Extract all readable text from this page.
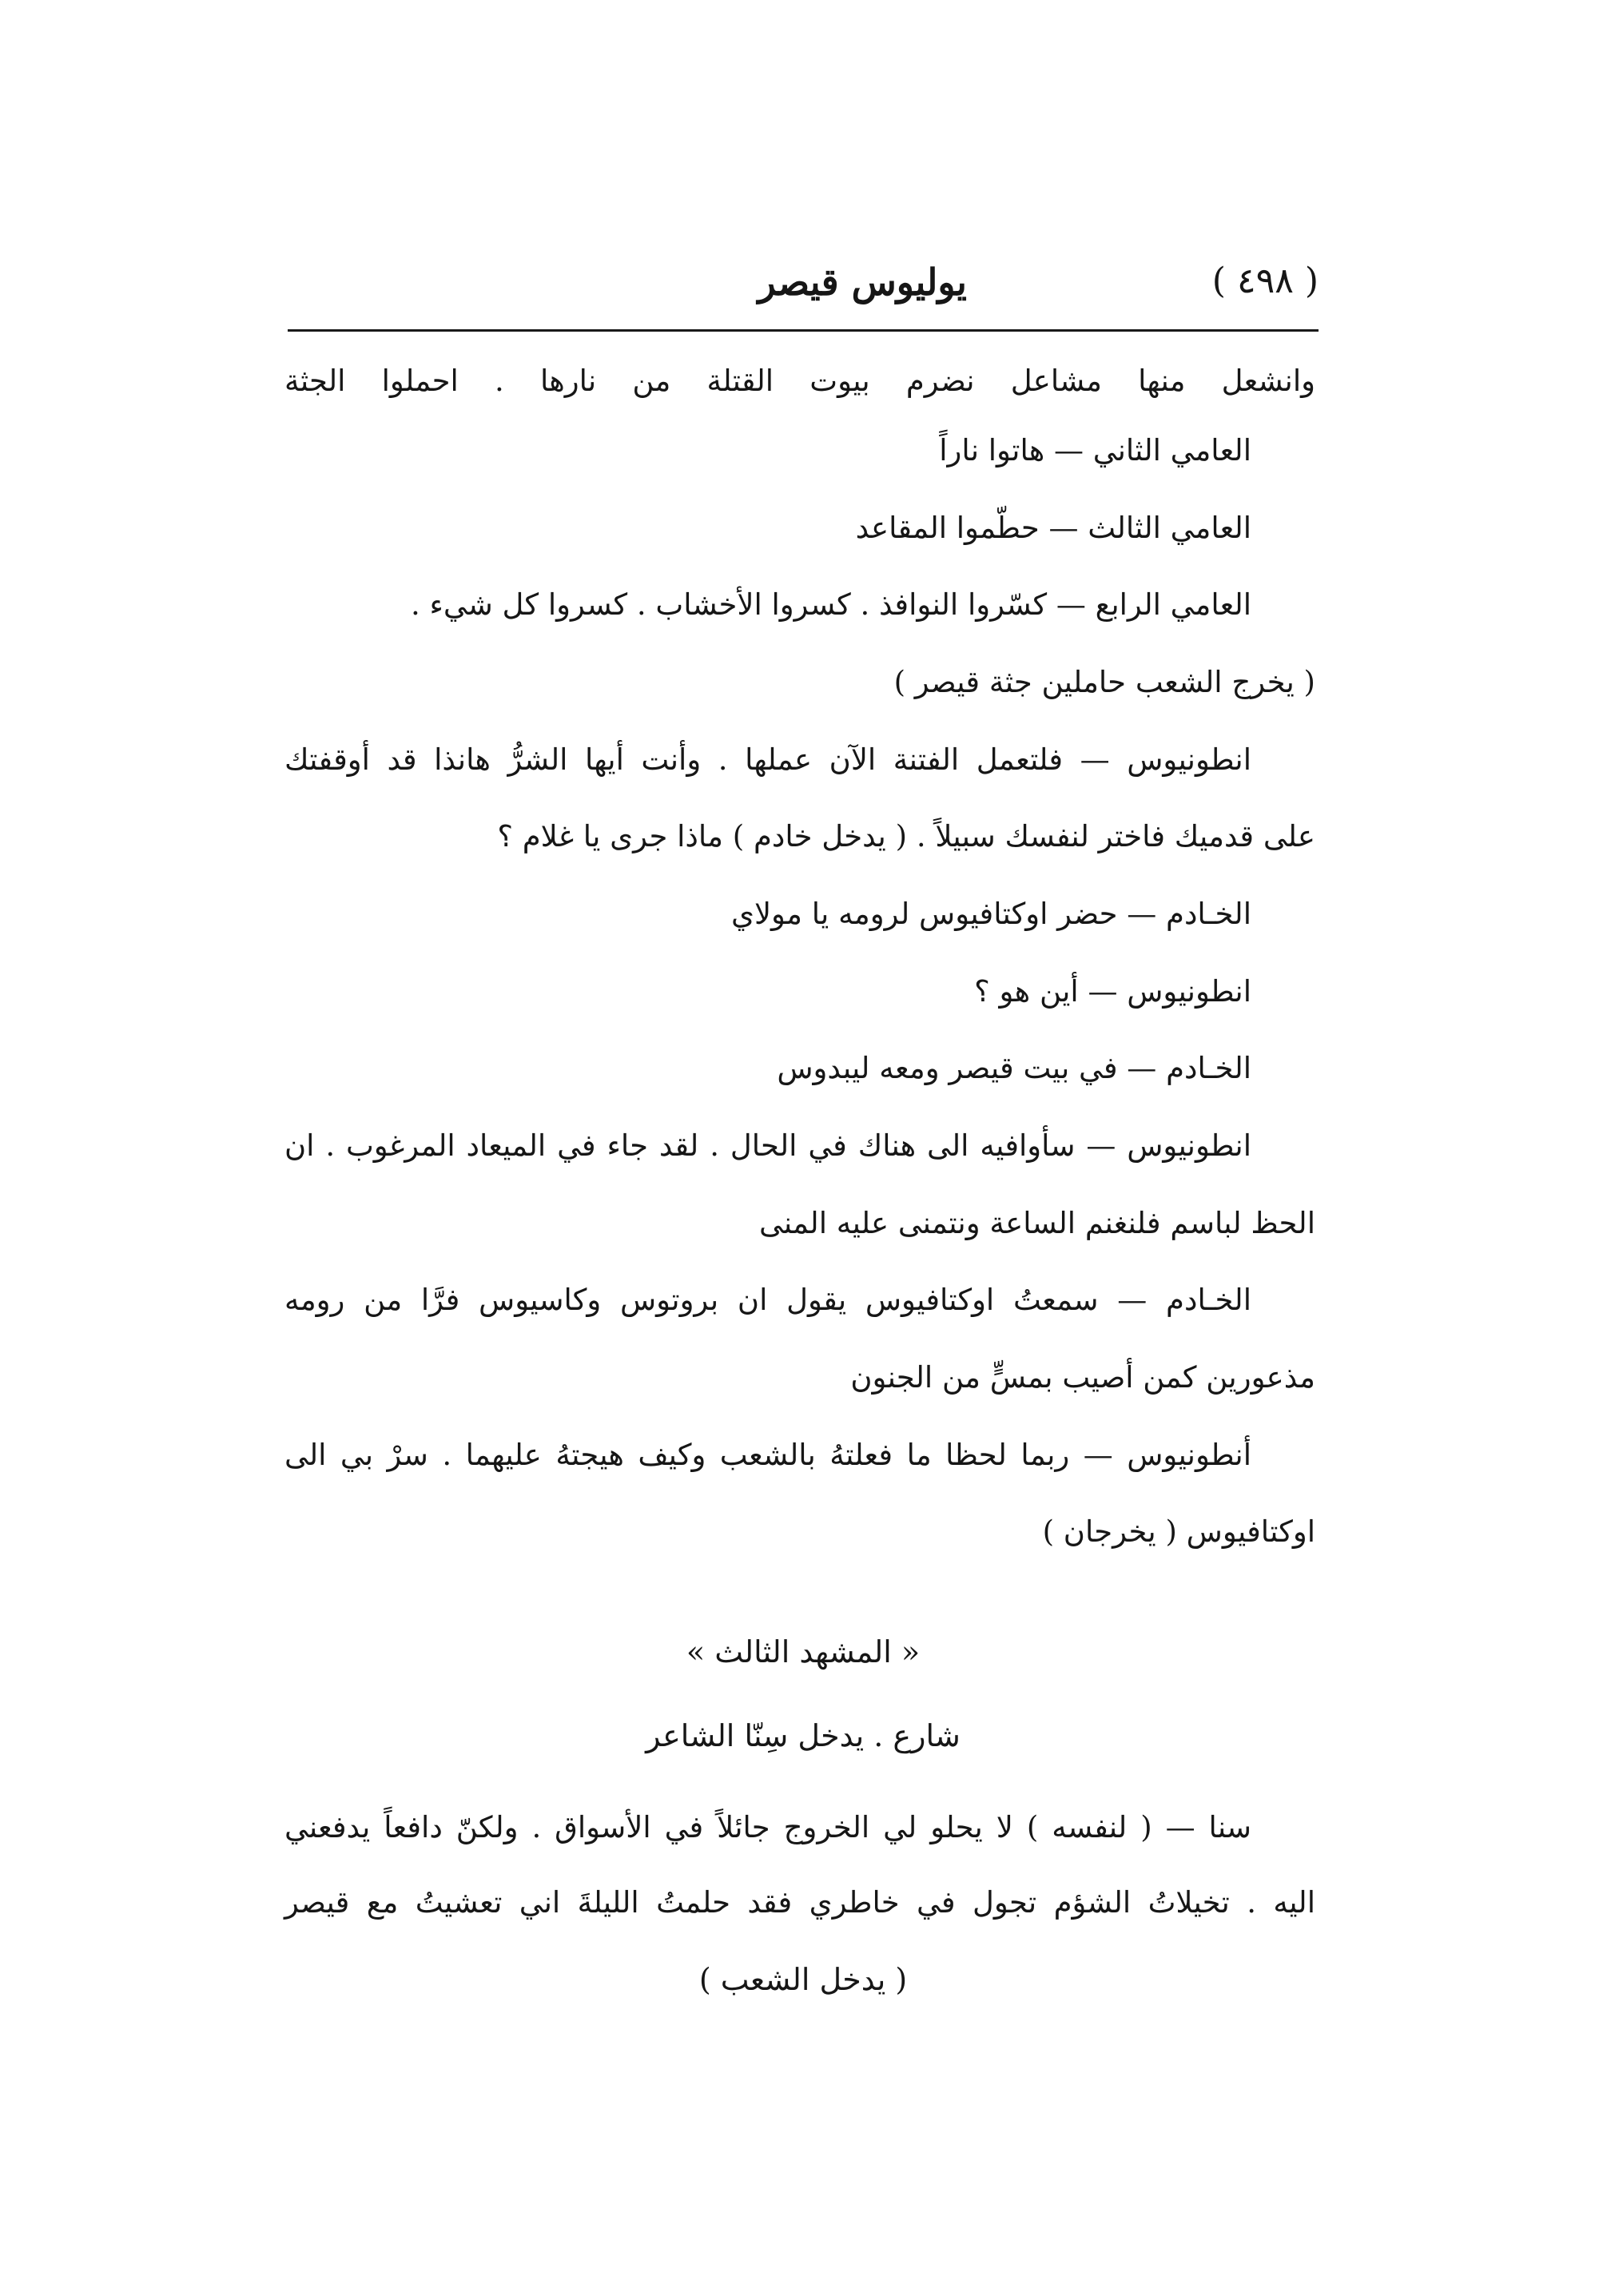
( ٤٩٨ )
يوليوس قيصر
وانشعل منها مشاعل نضرم بيوت القتلة من نارها . احملوا الجثة
العامي الثاني — هاتوا ناراً
العامي الثالث — حطّموا المقاعد
العامي الرابع — كسّروا النوافذ . كسروا الأخشاب . كسروا كل شيء .
( يخرج الشعب حاملين جثة قيصر )
انطونيوس — فلتعمل الفتنة الآن عملها . وأنت أيها الشرُّ هانذا قد أوقفتك
على قدميك فاختر لنفسك سبيلاً . ( يدخل خادم ) ماذا جرى يا غلام ؟
الخـادم — حضر اوكتافيوس لرومه يا مولاي
انطونيوس — أين هو ؟
الخـادم — في بيت قيصر ومعه ليبدوس
انطونيوس — سأوافيه الى هناك في الحال . لقد جاء في الميعاد المرغوب . ان
الحظ لباسم فلنغنم الساعة ونتمنى عليه المنى
الخـادم — سمعتُ اوكتافيوس يقول ان بروتوس وكاسيوس فرَّا من رومه
مذعورين كمن أصيب بمسٍّ من الجنون
أنطونيوس — ربما لحظا ما فعلتهُ بالشعب وكيف هيجتهُ عليهما . سرْ بي الى
اوكتافيوس ( يخرجان )
« المشهد الثالث »
شارع . يدخل سِنّا الشاعر
سنا — ( لنفسه ) لا يحلو لي الخروج جائلاً في الأسواق . ولكنّ دافعاً يدفعني
اليه . تخيلاتُ الشؤم تجول في خاطري فقد حلمتُ الليلةَ اني تعشيتُ مع قيصر
( يدخل الشعب )
